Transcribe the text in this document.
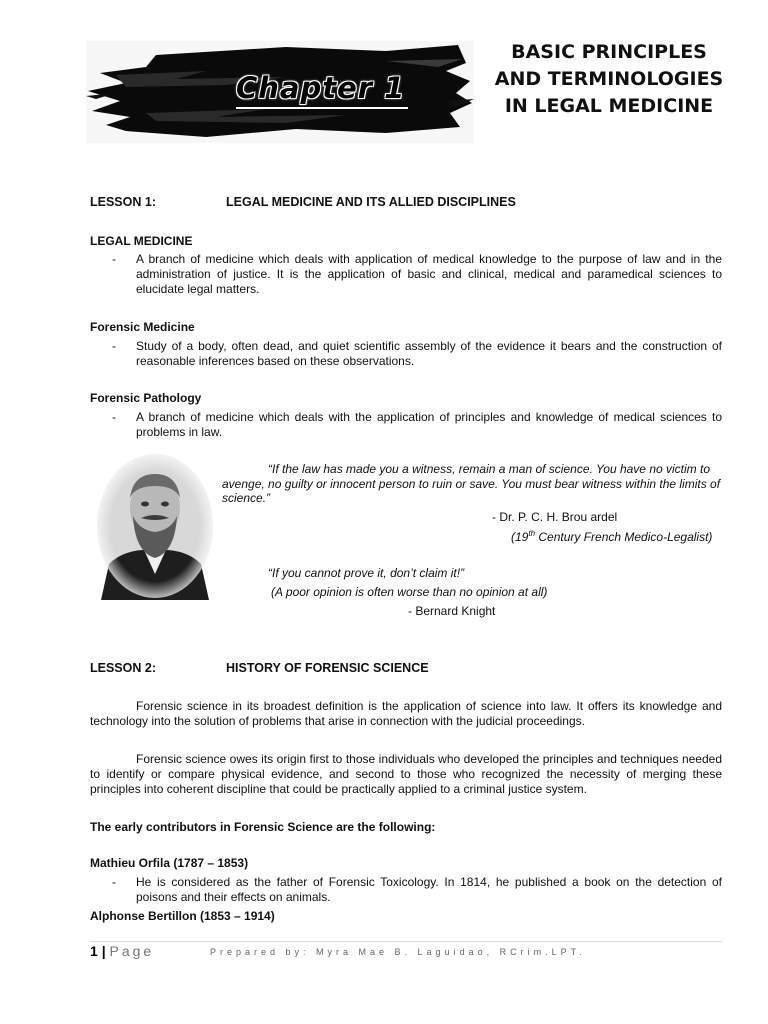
Chapter 1
BASIC PRINCIPLES
AND TERMINOLOGIES
IN LEGAL MEDICINE
LESSON 1:	LEGAL MEDICINE AND ITS ALLIED DISCIPLINES
LEGAL MEDICINE
- A branch of medicine which deals with application of medical knowledge to the purpose of law and in the administration of justice. It is the application of basic and clinical, medical and paramedical sciences to elucidate legal matters.
Forensic Medicine
- Study of a body, often dead, and quiet scientific assembly of the evidence it bears and the construction of reasonable inferences based on these observations.
Forensic Pathology
- A branch of medicine which deals with the application of principles and knowledge of medical sciences to problems in law.
“If the law has made you a witness, remain a man of science. You have no victim to avenge, no guilty or innocent person to ruin or save. You must bear witness within the limits of science.”
- Dr. P. C. H. Brou ardel
(19th Century French Medico-Legalist)
“If you cannot prove it, don’t claim it!”
(A poor opinion is often worse than no opinion at all)
- Bernard Knight
LESSON 2:	HISTORY OF FORENSIC SCIENCE
Forensic science in its broadest definition is the application of science into law. It offers its knowledge and technology into the solution of problems that arise in connection with the judicial proceedings.
Forensic science owes its origin first to those individuals who developed the principles and techniques needed to identify or compare physical evidence, and second to those who recognized the necessity of merging these principles into coherent discipline that could be practically applied to a criminal justice system.
The early contributors in Forensic Science are the following:
Mathieu Orfila (1787 – 1853)
- He is considered as the father of Forensic Toxicology. In 1814, he published a book on the detection of poisons and their effects on animals.
Alphonse Bertillon (1853 – 1914)
1 | Page	Prepared by: Myra Mae B. Laguidao, RCrim.LPT.
